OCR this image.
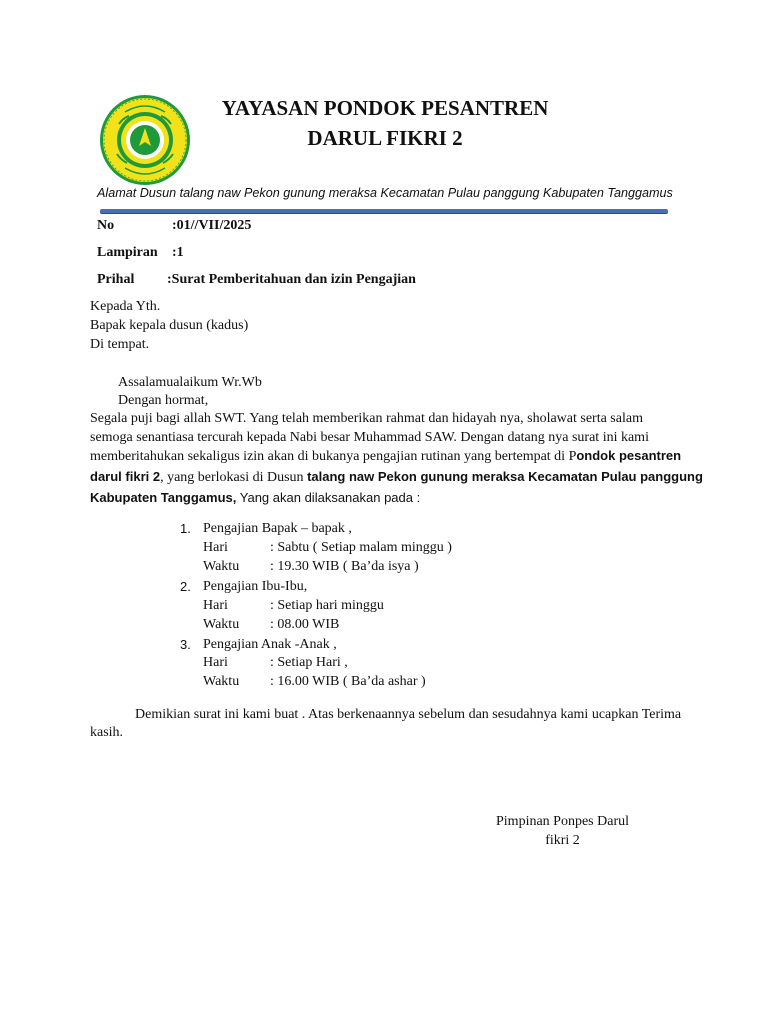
YAYASAN PONDOK PESANTREN
DARUL FIKRI 2
Alamat Dusun talang naw Pekon gunung meraksa Kecamatan Pulau panggung Kabupaten Tanggamus
No	:01//VII/2025
Lampiran :1
Prihal :Surat Pemberitahuan dan izin Pengajian
Kepada Yth.
Bapak kepala dusun (kadus)
Di tempat.
Assalamualaikum Wr.Wb
Dengan hormat,
Segala puji bagi allah SWT. Yang telah memberikan rahmat dan hidayah nya, sholawat serta salam
semoga senantiasa tercurah kepada Nabi besar Muhammad SAW. Dengan datang nya surat ini kami
memberitahukan sekaligus izin akan di bukanya pengajian rutinan yang bertempat di Pondok pesantren
darul fikri 2, yang berlokasi di Dusun talang naw Pekon gunung meraksa Kecamatan Pulau panggung
Kabupaten Tanggamus, Yang akan dilaksanakan pada :
1. Pengajian Bapak – bapak ,
Hari	: Sabtu ( Setiap malam minggu )
Waktu : 19.30 WIB ( Ba’da isya )
2. Pengajian Ibu-Ibu,
Hari	: Setiap hari minggu
Waktu : 08.00 WIB
3. Pengajian Anak -Anak ,
Hari	: Setiap Hari ,
Waktu : 16.00 WIB ( Ba’da ashar )
Demikian surat ini kami buat . Atas berkenaannya sebelum dan sesudahnya kami ucapkan Terima
kasih.
Pimpinan Ponpes Darul
fikri 2
